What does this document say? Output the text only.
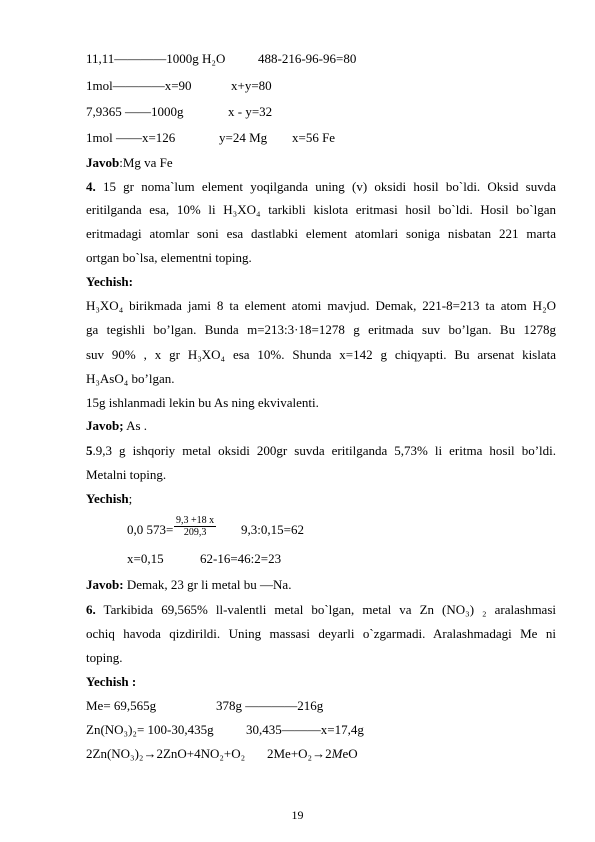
11,11————1000g H₂O	488-216-96-96=80
1mol————x=90	x+y=80
7,9365 ——1000g	x - y=32
1mol ——x=126	y=24 Mg x=56 Fe
Javob:Mg va Fe
4. 15 gr noma`lum element yoqilganda uning (v) oksidi hosil bo`ldi. Oksid suvda
eritilganda esa, 10% li H₃XO₄ tarkibli kislota eritmasi hosil bo`ldi. Hosil bo`lgan
eritmadagi atomlar soni esa dastlabki element atomlari soniga nisbatan 221 marta
ortgan bo`lsa, elementni toping.
Yechish:
H₃XO₄ birikmada jami 8 ta element atomi mavjud. Demak, 221-8=213 ta atom H₂O
ga tegishli bo’lgan. Bunda m=213:3·18=1278 g eritmada suv bo’lgan. Bu 1278g
suv 90% , x gr H₃XO₄ esa 10%. Shunda x=142 g chiqyapti. Bu arsenat kislata
H₃AsO₄ bo’lgan.
15g ishlanmadi lekin bu As ning ekvivalenti.
Javob; As .
5.9,3 g ishqoriy metal oksidi 200gr suvda eritilganda 5,73% li eritma hosil bo’ldi.
Metalni toping.
Yechish;
0,0 $573= \frac{9,3 +18 x}{209,3}$ 9,3:0,15=62
x=0,15	62-16=46:2=23
Javob: Demak, 23 gr li metal bu —Na.
6. Tarkibida 69,565% ll-valentli metal bo`lgan, metal va Zn (NO₃) ₂ aralashmasi
ochiq havoda qizdirildi. Uning massasi deyarli o`zgarmadi. Aralashmadagi Me ni
toping.
Yechish :
Me= 69,565g	378g ————216g
Zn(NO₃)₂= 100-30,435g 30,435———x=17,4g
2Zn(NO₃)₂→2ZnO+4NO₂+O₂ 2Me+O₂→2MeO
19
